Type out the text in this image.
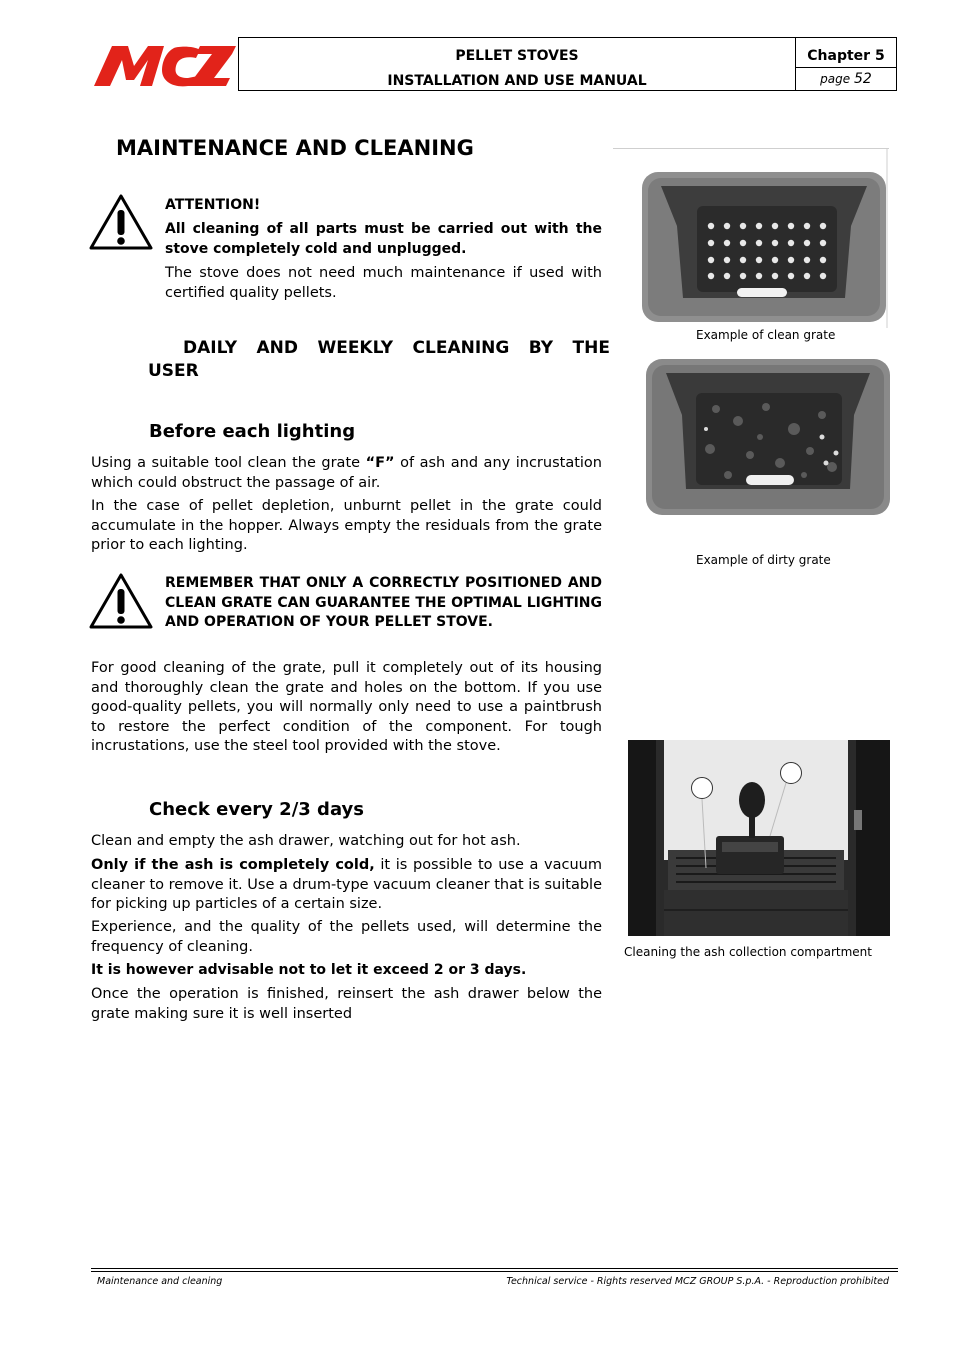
MCZ
PELLET STOVES
INSTALLATION AND USE MANUAL
Chapter 5
page 52
MAINTENANCE AND CLEANING
ATTENTION!
All cleaning of all parts must be carried out with the stove completely cold and unplugged.
The stove does not need much maintenance if used with certified quality pellets.
DAILY AND WEEKLY CLEANING BY THE USER
Before each lighting
Using a suitable tool clean the grate “F” of ash and any incrustation which could obstruct the passage of air.
In the case of pellet depletion, unburnt pellet in the grate could accumulate in the hopper. Always empty the residuals from the grate prior to each lighting.
REMEMBER THAT ONLY A CORRECTLY POSITIONED AND CLEAN GRATE CAN GUARANTEE THE OPTIMAL LIGHTING AND OPERATION OF YOUR PELLET STOVE.
For good cleaning of the grate, pull it completely out of its housing and thoroughly clean the grate and holes on the bottom. If you use good-quality pellets, you will normally only need to use a paintbrush to restore the perfect condition of the component. For tough incrustations, use the steel tool provided with the stove.
Check every 2/3 days
Clean and empty the ash drawer, watching out for hot ash.
Only if the ash is completely cold, it is possible to use a vacuum cleaner to remove it. Use a drum-type vacuum cleaner that is suitable for picking up particles of a certain size.
Experience, and the quality of the pellets used, will determine the frequency of cleaning.
It is however advisable not to let it exceed 2 or 3 days.
Once the operation is finished, reinsert the ash drawer below the grate making sure it is well inserted
Example of clean grate
Example of dirty grate
Cleaning the ash collection compartment
Maintenance and cleaning	Technical service - Rights reserved MCZ GROUP S.p.A. - Reproduction prohibited
